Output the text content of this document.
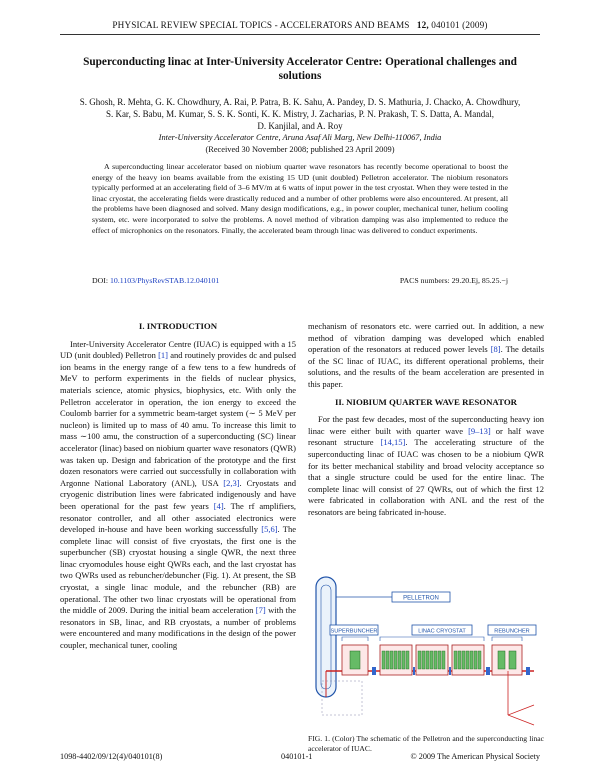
PHYSICAL REVIEW SPECIAL TOPICS - ACCELERATORS AND BEAMS 12, 040101 (2009)
Superconducting linac at Inter-University Accelerator Centre: Operational challenges and solutions
S. Ghosh, R. Mehta, G. K. Chowdhury, A. Rai, P. Patra, B. K. Sahu, A. Pandey, D. S. Mathuria, J. Chacko, A. Chowdhury,
S. Kar, S. Babu, M. Kumar, S. S. K. Sonti, K. K. Mistry, J. Zacharias, P. N. Prakash, T. S. Datta, A. Mandal,
D. Kanjilal, and A. Roy
Inter-University Accelerator Centre, Aruna Asaf Ali Marg, New Delhi-110067, India
(Received 30 November 2008; published 23 April 2009)
A superconducting linear accelerator based on niobium quarter wave resonators has recently become operational to boost the energy of the heavy ion beams available from the existing 15 UD (unit doubled) Pelletron accelerator. The niobium resonators typically performed at an accelerating field of 3–6 MV/m at 6 watts of input power in the test cryostat. When they were tested in the linac cryostat, the accelerating fields were drastically reduced and a number of other problems were also encountered. At present, all the problems have been diagnosed and solved. Many design modifications, e.g., in power coupler, mechanical tuner, helium cooling system, etc. were incorporated to solve the problems. A novel method of vibration damping was also implemented to reduce the effect of microphonics on the resonators. Finally, the accelerated beam through linac was delivered to conduct experiments.
DOI: 10.1103/PhysRevSTAB.12.040101	PACS numbers: 29.20.Ej, 85.25.−j
I. INTRODUCTION

Inter-University Accelerator Centre (IUAC) is equipped with a 15 UD (unit doubled) Pelletron [1] and routinely provides dc and pulsed ion beams in the energy range of a few tens to a few hundreds of MeV to perform experiments in the fields of nuclear physics, materials science, atomic physics, biophysics, etc. With only the Pelletron accelerator in operation, the ion energy to exceed the Coulomb barrier for a symmetric beam-target system (∼ 5 MeV per nucleon) is limited up to mass of 40 amu. To increase this limit to mass ∼100 amu, the construction of a superconducting (SC) linear accelerator (linac) based on niobium quarter wave resonators (QWR) was taken up. Design and fabrication of the prototype and the first dozen resonators were carried out successfully in collaboration with Argonne National Laboratory (ANL), USA [2,3]. Cryostats and cryogenic distribution lines were fabricated indigenously and have been operational for the past few years [4]. The rf amplifiers, resonator controller, and all other associated electronics were developed in-house and have been working successfully [5,6]. The complete linac will consist of five cryostats, the first one is the superbuncher (SB) cryostat housing a single QWR, the next three linac cryomodules house eight QWRs each, and the last cryostat has two QWRs used as rebuncher/debuncher (Fig. 1). At present, the SB cryostat, a single linac module, and the rebuncher (RB) are operational. The other two linac cryostats will be operational from the middle of 2009. During the initial beam acceleration [7] with the resonators in SB, linac, and RB cryostats, a number of problems were encountered and many modifications in the design of the power coupler, mechanical tuner, cooling

mechanism of resonators etc. were carried out. In addition, a new method of vibration damping was developed which enabled operation of the resonators at reduced power levels [8]. The details of the SC linac of IUAC, its different operational problems, their solutions, and the results of the beam acceleration are presented in this paper.

II. NIOBIUM QUARTER WAVE RESONATOR

For the past few decades, most of the superconducting heavy ion linac were either built with quarter wave [9–13] or half wave resonant structure [14,15]. The accelerating structure of the superconducting linac of IUAC was chosen to be a niobium QWR for its better mechanical stability and broad velocity acceptance so that a single structure could be used for the entire linac. The complete linac will consist of 27 QWRs, out of which the first 12 were fabricated in collaboration with ANL and the rest of the resonators are being fabricated in-house.

PELLETRON
SUPERBUNCHER	LINAC CRYOSTAT	REBUNCHER
FIG. 1. (Color) The schematic of the Pelletron and the superconducting linac accelerator of IUAC.
1098-4402/09/12(4)/040101(8)	040101-1	© 2009 The American Physical Society
